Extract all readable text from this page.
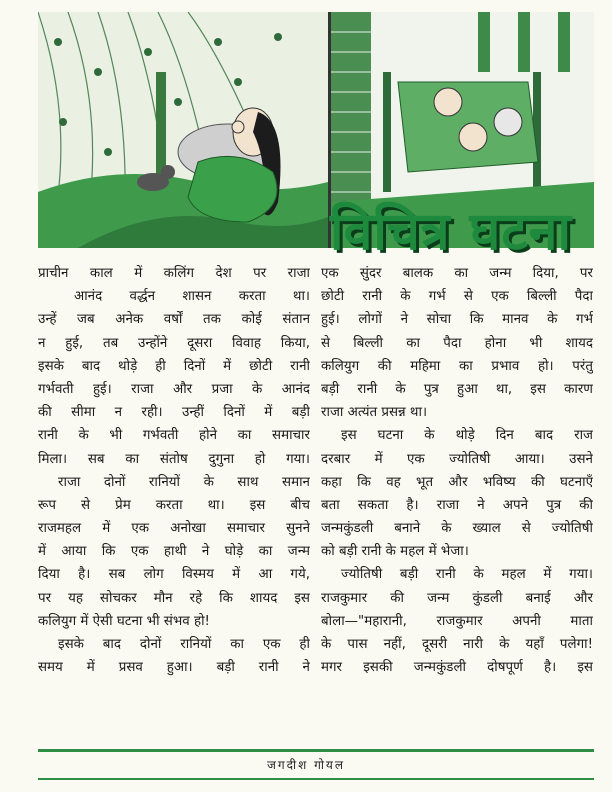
विचित्र घटना
प्राचीन काल में कलिंग देश पर राजा
आनंद वर्द्धन शासन करता था।
उन्हें जब अनेक वर्षों तक कोई संतान
न हुई, तब उन्होंने दूसरा विवाह किया,
इसके बाद थोड़े ही दिनों में छोटी रानी
गर्भवती हुई। राजा और प्रजा के आनंद
की सीमा न रही। उन्हीं दिनों में बड़ी
रानी के भी गर्भवती होने का समाचार
मिला। सब का संतोष दुगुना हो गया।
राजा दोनों रानियों के साथ समान
रूप से प्रेम करता था। इस बीच
राजमहल में एक अनोखा समाचार सुनने
में आया कि एक हाथी ने घोड़े का जन्म
दिया है। सब लोग विस्मय में आ गये,
पर यह सोचकर मौन रहे कि शायद इस
कलियुग में ऐसी घटना भी संभव हो!
इसके बाद दोनों रानियों का एक ही
समय में प्रसव हुआ। बड़ी रानी ने
एक सुंदर बालक का जन्म दिया, पर
छोटी रानी के गर्भ से एक बिल्ली पैदा
हुई। लोगों ने सोचा कि मानव के गर्भ
से बिल्ली का पैदा होना भी शायद
कलियुग की महिमा का प्रभाव हो। परंतु
बड़ी रानी के पुत्र हुआ था, इस कारण
राजा अत्यंत प्रसन्न था।
इस घटना के थोड़े दिन बाद राज
दरबार में एक ज्योतिषी आया। उसने
कहा कि वह भूत और भविष्य की घटनाएँ
बता सकता है। राजा ने अपने पुत्र की
जन्मकुंडली बनाने के ख्याल से ज्योतिषी
को बड़ी रानी के महल में भेजा।
ज्योतिषी बड़ी रानी के महल में गया।
राजकुमार की जन्म कुंडली बनाई और
बोला—"महारानी, राजकुमार अपनी माता
के पास नहीं, दूसरी नारी के यहाँ पलेगा!
मगर इसकी जन्मकुंडली दोषपूर्ण है। इस
जगदीश गोयल
